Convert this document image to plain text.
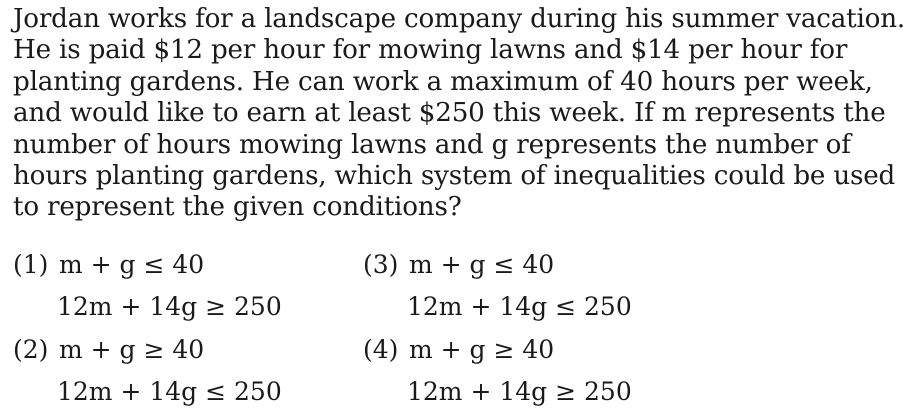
Jordan works for a landscape company during his summer vacation.
He is paid $12 per hour for mowing lawns and $14 per hour for
planting gardens. He can work a maximum of 40 hours per week,
and would like to earn at least $250 this week. If m represents the
number of hours mowing lawns and g represents the number of
hours planting gardens, which system of inequalities could be used
to represent the given conditions?
(1) m + g ≤ 40
12m + 14g ≥ 250
(3) m + g ≤ 40
12m + 14g ≤ 250
(2) m + g ≥ 40
12m + 14g ≤ 250
(4) m + g ≥ 40
12m + 14g ≥ 250
